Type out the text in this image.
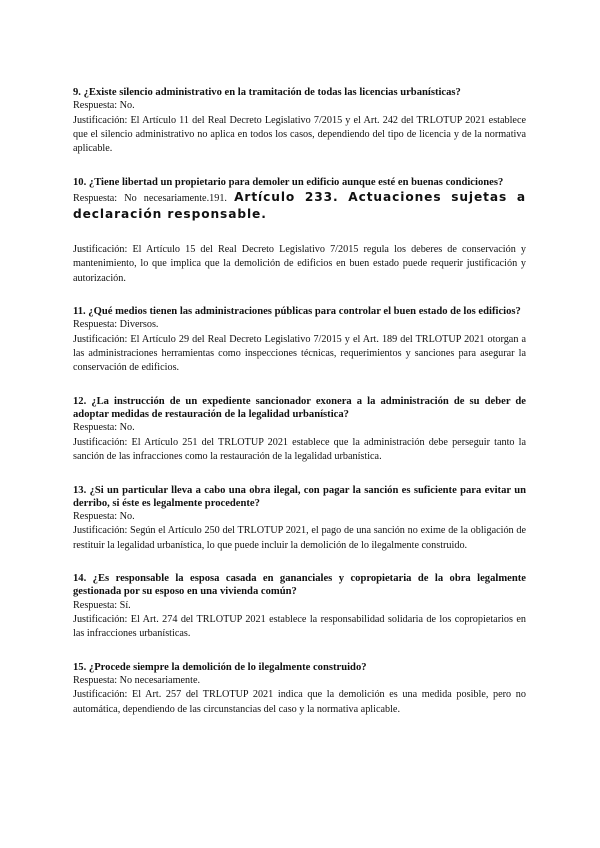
9. ¿Existe silencio administrativo en la tramitación de todas las licencias urbanísticas?

Respuesta: No.

Justificación: El Artículo 11 del Real Decreto Legislativo 7/2015 y el Art. 242 del TRLOTUP 2021 establece que el silencio administrativo no aplica en todos los casos, dependiendo del tipo de licencia y de la normativa aplicable.

10. ¿Tiene libertad un propietario para demoler un edificio aunque esté en buenas condiciones?

Respuesta: No necesariamente.191. Artículo 233. Actuaciones sujetas a declaración responsable.

Justificación: El Artículo 15 del Real Decreto Legislativo 7/2015 regula los deberes de conservación y mantenimiento, lo que implica que la demolición de edificios en buen estado puede requerir justificación y autorización.

11. ¿Qué medios tienen las administraciones públicas para controlar el buen estado de los edificios?

Respuesta: Diversos.

Justificación: El Artículo 29 del Real Decreto Legislativo 7/2015 y el Art. 189 del TRLOTUP 2021 otorgan a las administraciones herramientas como inspecciones técnicas, requerimientos y sanciones para asegurar la conservación de edificios.

12. ¿La instrucción de un expediente sancionador exonera a la administración de su deber de adoptar medidas de restauración de la legalidad urbanística?

Respuesta: No.

Justificación: El Artículo 251 del TRLOTUP 2021 establece que la administración debe perseguir tanto la sanción de las infracciones como la restauración de la legalidad urbanística.

13. ¿Si un particular lleva a cabo una obra ilegal, con pagar la sanción es suficiente para evitar un derribo, si éste es legalmente procedente?

Respuesta: No.

Justificación: Según el Artículo 250 del TRLOTUP 2021, el pago de una sanción no exime de la obligación de restituir la legalidad urbanística, lo que puede incluir la demolición de lo ilegalmente construido.

14. ¿Es responsable la esposa casada en gananciales y copropietaria de la obra legalmente gestionada por su esposo en una vivienda común?

Respuesta: Sí.

Justificación: El Art. 274 del TRLOTUP 2021 establece la responsabilidad solidaria de los copropietarios en las infracciones urbanísticas.

15. ¿Procede siempre la demolición de lo ilegalmente construido?

Respuesta: No necesariamente.

Justificación: El Art. 257 del TRLOTUP 2021 indica que la demolición es una medida posible, pero no automática, dependiendo de las circunstancias del caso y la normativa aplicable.
